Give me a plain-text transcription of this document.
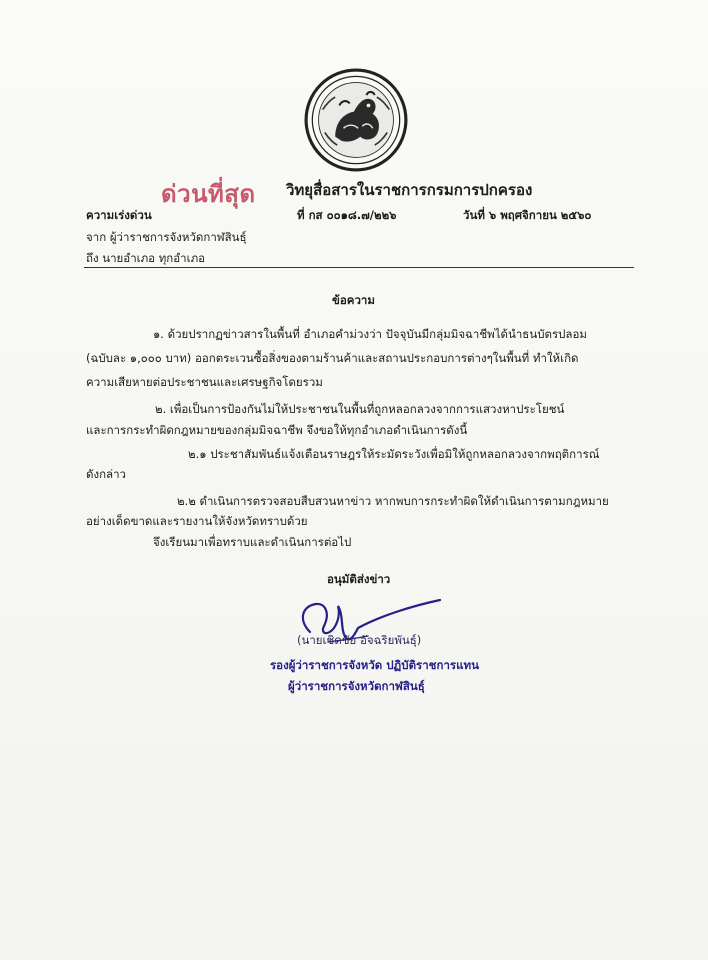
ด่วนที่สุด วิทยุสื่อสารในราชการกรมการปกครอง
ความเร่งด่วน	ที่ กส ๐๐๑๘.๗/๒๒๖	วันที่ ๖ พฤศจิกายน ๒๕๖๐
จาก ผู้ว่าราชการจังหวัดกาฬสินธุ์
ถึง นายอำเภอ ทุกอำเภอ
ข้อความ
๑. ด้วยปรากฏข่าวสารในพื้นที่ อำเภอคำม่วงว่า ปัจจุบันมีกลุ่มมิจฉาชีพได้นำธนบัตรปลอม
(ฉบับละ ๑,๐๐๐ บาท) ออกตระเวนซื้อสิ่งของตามร้านค้าและสถานประกอบการต่างๆในพื้นที่ ทำให้เกิด
ความเสียหายต่อประชาชนและเศรษฐกิจโดยรวม
๒. เพื่อเป็นการป้องกันไม่ให้ประชาชนในพื้นที่ถูกหลอกลวงจากการแสวงหาประโยชน์
และการกระทำผิดกฎหมายของกลุ่มมิจฉาชีพ จึงขอให้ทุกอำเภอดำเนินการดังนี้
๒.๑ ประชาสัมพันธ์แจ้งเตือนราษฎรให้ระมัดระวังเพื่อมิให้ถูกหลอกลวงจากพฤติการณ์
ดังกล่าว
๒.๒ ดำเนินการตรวจสอบสืบสวนหาข่าว หากพบการกระทำผิดให้ดำเนินการตามกฎหมาย
อย่างเด็ดขาดและรายงานให้จังหวัดทราบด้วย
จึงเรียนมาเพื่อทราบและดำเนินการต่อไป
อนุมัติส่งข่าว
(นายเชิดชัย อัจฉริยพันธุ์)
รองผู้ว่าราชการจังหวัด ปฏิบัติราชการแทน
ผู้ว่าราชการจังหวัดกาฬสินธุ์
